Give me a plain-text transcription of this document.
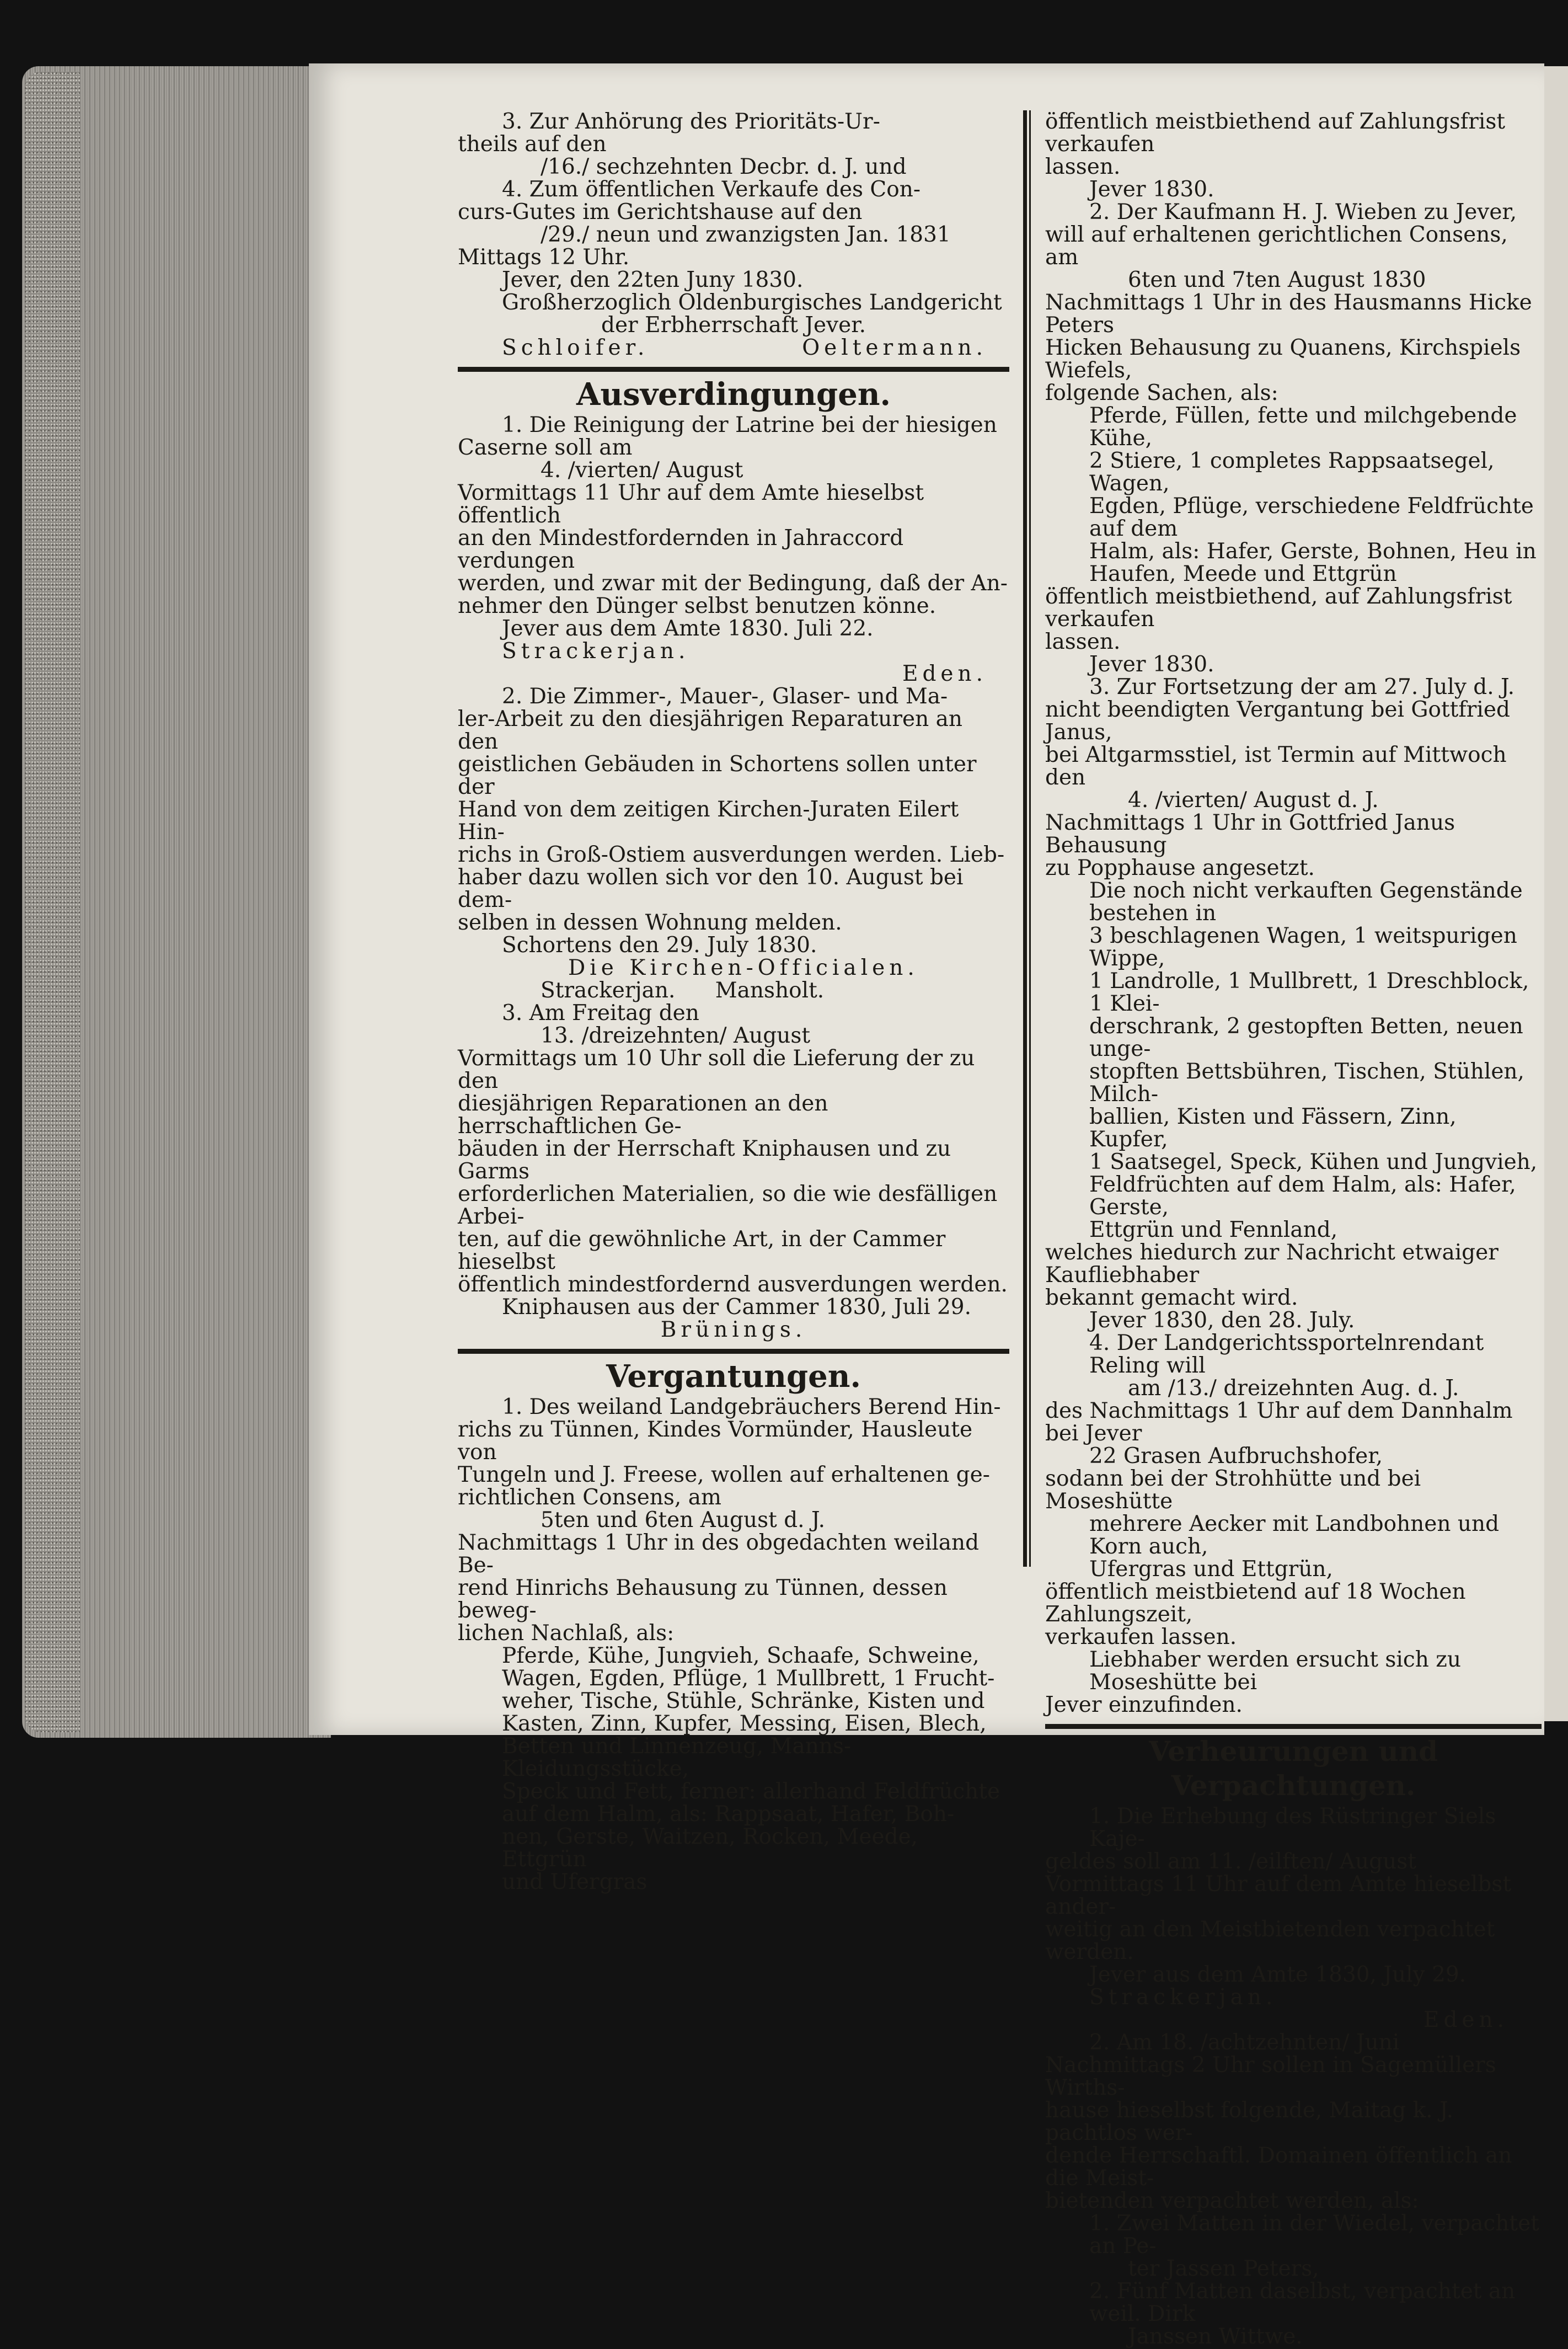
3. Zur Anhörung des Prioritäts-Ur-

theils auf den

/16./ sechzehnten Decbr. d. J. und

4. Zum öffentlichen Verkaufe des Con-

curs-Gutes im Gerichtshause auf den

/29./ neun und zwanzigsten Jan. 1831

Mittags 12 Uhr.

Jever, den 22ten Juny 1830.

Großherzoglich Oldenburgisches Landgericht

der Erbherrschaft Jever.

Schloifer.	Oeltermann.

Ausverdingungen.

1. Die Reinigung der Latrine bei der hiesigen

Caserne soll am

4. /vierten/ August

Vormittags 11 Uhr auf dem Amte hieselbst öffentlich

an den Mindestfordernden in Jahraccord verdungen

werden, und zwar mit der Bedingung, daß der An-

nehmer den Dünger selbst benutzen könne.

Jever aus dem Amte 1830. Juli 22.

Strackerjan.

Eden.

2. Die Zimmer-, Mauer-, Glaser- und Ma-

ler-Arbeit zu den diesjährigen Reparaturen an den

geistlichen Gebäuden in Schortens sollen unter der

Hand von dem zeitigen Kirchen-Juraten Eilert Hin-

richs in Groß-Ostiem ausverdungen werden. Lieb-

haber dazu wollen sich vor den 10. August bei dem-

selben in dessen Wohnung melden.

Schortens den 29. July 1830.

Die Kirchen-Officialen.

Strackerjan. Mansholt.

3. Am Freitag den

13. /dreizehnten/ August

Vormittags um 10 Uhr soll die Lieferung der zu den

diesjährigen Reparationen an den herrschaftlichen Ge-

bäuden in der Herrschaft Kniphausen und zu Garms

erforderlichen Materialien, so die wie desfälligen Arbei-

ten, auf die gewöhnliche Art, in der Cammer hieselbst

öffentlich mindestfordernd ausverdungen werden.

Kniphausen aus der Cammer 1830, Juli 29.

Brünings.

Vergantungen.

1. Des weiland Landgebräuchers Berend Hin-

richs zu Tünnen, Kindes Vormünder, Hausleute von

Tungeln und J. Freese, wollen auf erhaltenen ge-

richtlichen Consens, am

5ten und 6ten August d. J.

Nachmittags 1 Uhr in des obgedachten weiland Be-

rend Hinrichs Behausung zu Tünnen, dessen beweg-

lichen Nachlaß, als:

Pferde, Kühe, Jungvieh, Schaafe, Schweine,

Wagen, Egden, Pflüge, 1 Mullbrett, 1 Frucht-

weher, Tische, Stühle, Schränke, Kisten und

Kasten, Zinn, Kupfer, Messing, Eisen, Blech,

Betten und Linnenzeug, Manns-Kleidungsstücke,

Speck und Fett, ferner: allerhand Feldfrüchte

auf dem Halm, als: Rappsaat, Hafer, Boh-

nen, Gerste, Waitzen, Rocken, Meede, Ettgrün

und Ufergras

öffentlich meistbiethend auf Zahlungsfrist verkaufen

lassen.

Jever 1830.

2. Der Kaufmann H. J. Wieben zu Jever,

will auf erhaltenen gerichtlichen Consens, am

6ten und 7ten August 1830

Nachmittags 1 Uhr in des Hausmanns Hicke Peters

Hicken Behausung zu Quanens, Kirchspiels Wiefels,

folgende Sachen, als:

Pferde, Füllen, fette und milchgebende Kühe,

2 Stiere, 1 completes Rappsaatsegel, Wagen,

Egden, Pflüge, verschiedene Feldfrüchte auf dem

Halm, als: Hafer, Gerste, Bohnen, Heu in

Haufen, Meede und Ettgrün

öffentlich meistbiethend, auf Zahlungsfrist verkaufen

lassen.

Jever 1830.

3. Zur Fortsetzung der am 27. July d. J.

nicht beendigten Vergantung bei Gottfried Janus,

bei Altgarmsstiel, ist Termin auf Mittwoch den

4. /vierten/ August d. J.

Nachmittags 1 Uhr in Gottfried Janus Behausung

zu Popphause angesetzt.

Die noch nicht verkauften Gegenstände bestehen in

3 beschlagenen Wagen, 1 weitspurigen Wippe,

1 Landrolle, 1 Mullbrett, 1 Dreschblock, 1 Klei-

derschrank, 2 gestopften Betten, neuen unge-

stopften Bettsbühren, Tischen, Stühlen, Milch-

ballien, Kisten und Fässern, Zinn, Kupfer,

1 Saatsegel, Speck, Kühen und Jungvieh,

Feldfrüchten auf dem Halm, als: Hafer, Gerste,

Ettgrün und Fennland,

welches hiedurch zur Nachricht etwaiger Kaufliebhaber

bekannt gemacht wird.

Jever 1830, den 28. July.

4. Der Landgerichtssportelnrendant Reling will

am /13./ dreizehnten Aug. d. J.

des Nachmittags 1 Uhr auf dem Dannhalm bei Jever

22 Grasen Aufbruchshofer,

sodann bei der Strohhütte und bei Moseshütte

mehrere Aecker mit Landbohnen und Korn auch,

Ufergras und Ettgrün,

öffentlich meistbietend auf 18 Wochen Zahlungszeit,

verkaufen lassen.

Liebhaber werden ersucht sich zu Moseshütte bei

Jever einzufinden.

Verheurungen und Verpachtungen.

1. Die Erhebung des Rüstringer Siels Kaje-

geldes soll am 11. /eilften/ August

Vormittags 11 Uhr auf dem Amte hieselbst ander-

weitig an den Meistbietenden verpachtet werden.

Jever aus dem Amte 1830, July 29.

Strackerjan.

Eden.

2. Am 18. /achtzehnten/ Juni

Nachmittags 2 Uhr sollen in Sagemüllers Wirths-

hause hieselbst folgende, Maitag k. J. pachtlos wer-

dende Herrschaftl. Domainen öffentlich an die Meist-

bietenden verpachtet werden, als:

1. Zwei Matten in der Wiedel, verpachtet an Pe-

ter Jassen Peters,

2. Fünf Matten daselbst, verpachtet an weil. Dirk

Janssen Wittwe.
